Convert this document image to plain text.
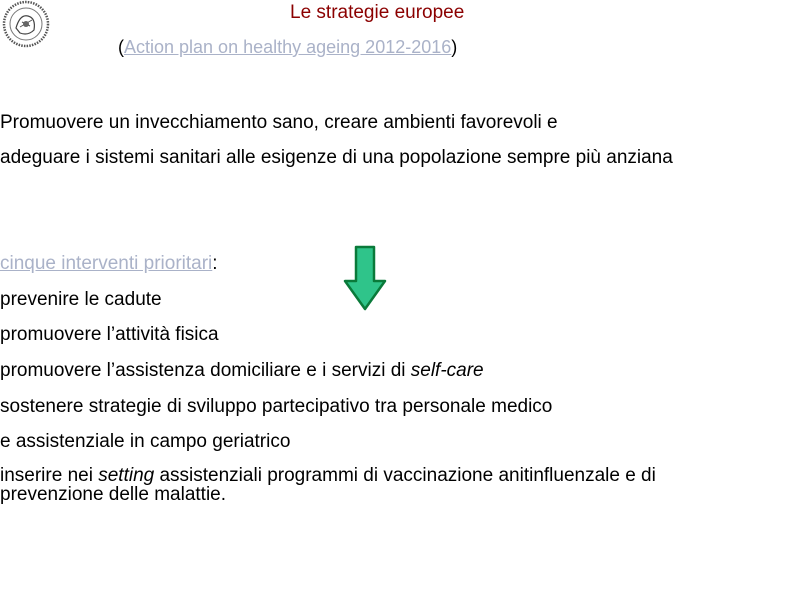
Le strategie europee
(Action plan on healthy ageing 2012-2016)
Promuovere un invecchiamento sano, creare ambienti favorevoli e
adeguare i sistemi sanitari alle esigenze di una popolazione sempre più anziana
cinque interventi prioritari:
prevenire le cadute
promuovere l’attività fisica
promuovere l’assistenza domiciliare e i servizi di self-care
sostenere strategie di sviluppo partecipativo tra personale medico
e assistenziale in campo geriatrico
inserire nei setting assistenziali programmi di vaccinazione anitinfluenzale e di
prevenzione delle malattie.
